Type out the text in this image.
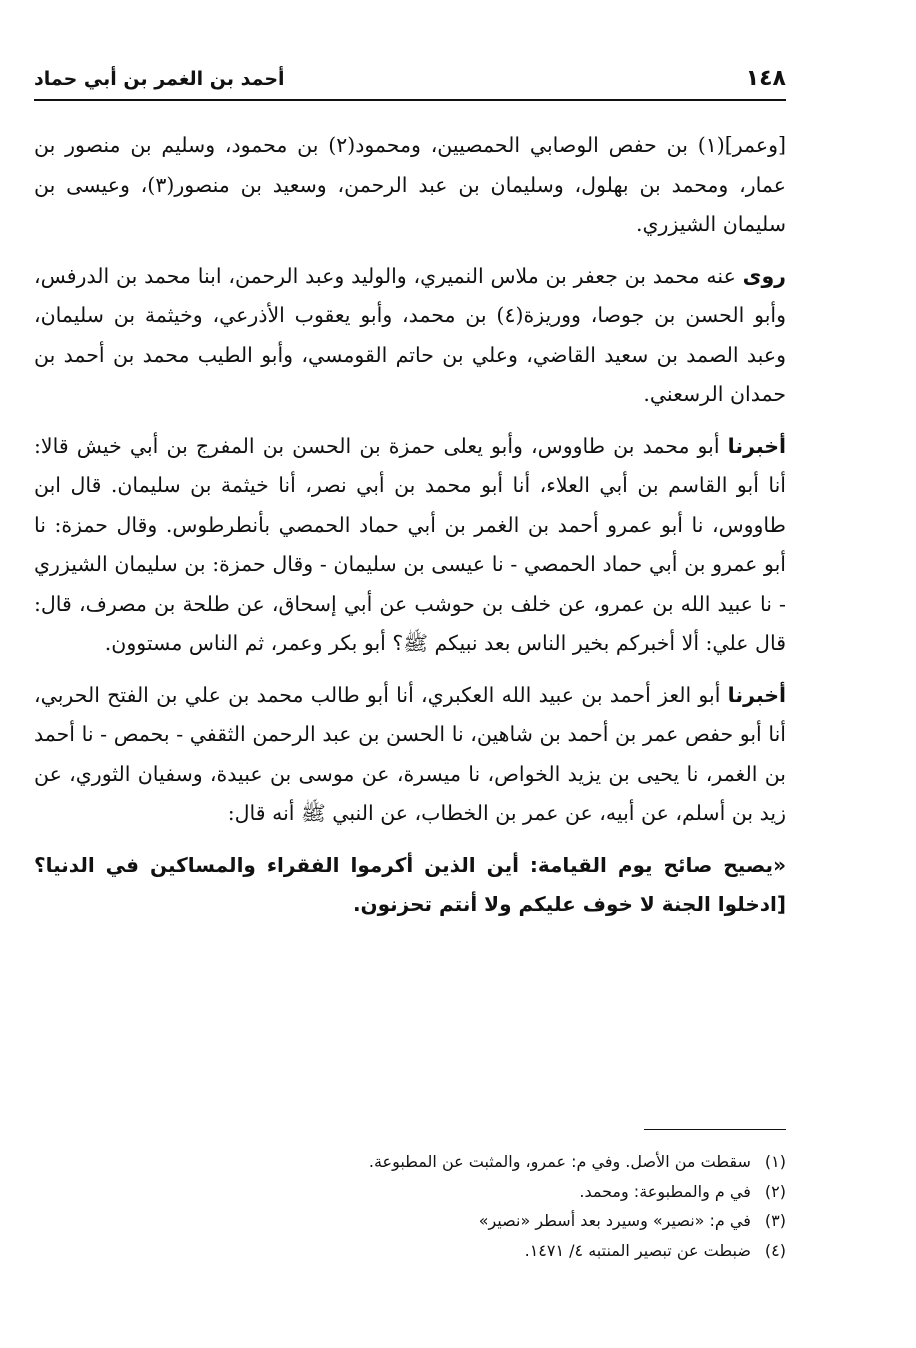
١٤٨
أحمد بن الغمر بن أبي حماد

[وعمر](١) بن حفص الوصابي الحمصيين، ومحمود(٢) بن محمود، وسليم بن منصور بن عمار، ومحمد بن بهلول، وسليمان بن عبد الرحمن، وسعيد بن منصور(٣)، وعيسى بن سليمان الشيزري.

روى عنه محمد بن جعفر بن ملاس النميري، والوليد وعبد الرحمن، ابنا محمد بن الدرفس، وأبو الحسن بن جوصا، ووريزة(٤) بن محمد، وأبو يعقوب الأذرعي، وخيثمة بن سليمان، وعبد الصمد بن سعيد القاضي، وعلي بن حاتم القومسي، وأبو الطيب محمد بن أحمد بن حمدان الرسعني.

أخبرنا أبو محمد بن طاووس، وأبو يعلى حمزة بن الحسن بن المفرج بن أبي خيش قالا: أنا أبو القاسم بن أبي العلاء، أنا أبو محمد بن أبي نصر، أنا خيثمة بن سليمان. قال ابن طاووس، نا أبو عمرو أحمد بن الغمر بن أبي حماد الحمصي بأنطرطوس. وقال حمزة: نا أبو عمرو بن أبي حماد الحمصي - نا عيسى بن سليمان - وقال حمزة: بن سليمان الشيزري - نا عبيد الله بن عمرو، عن خلف بن حوشب عن أبي إسحاق، عن طلحة بن مصرف، قال: قال علي: ألا أخبركم بخير الناس بعد نبيكم ﷺ؟ أبو بكر وعمر، ثم الناس مستوون.

أخبرنا أبو العز أحمد بن عبيد الله العكبري، أنا أبو طالب محمد بن علي بن الفتح الحربي، أنا أبو حفص عمر بن أحمد بن شاهين، نا الحسن بن عبد الرحمن الثقفي - بحمص - نا أحمد بن الغمر، نا يحيى بن يزيد الخواص، نا ميسرة، عن موسى بن عبيدة، وسفيان الثوري، عن زيد بن أسلم، عن أبيه، عن عمر بن الخطاب، عن النبي ﷺ أنه قال:

«يصيح صائح يوم القيامة: أين الذين أكرموا الفقراء والمساكين في الدنيا؟ [ادخلوا الجنة لا خوف عليكم ولا أنتم تحزنون.

(١) سقطت من الأصل. وفي م: عمرو، والمثبت عن المطبوعة.
(٢) في م والمطبوعة: ومحمد.
(٣) في م: «نصير» وسيرد بعد أسطر «نصير»
(٤) ضبطت عن تبصير المنتبه ٤/ ١٤٧١.
